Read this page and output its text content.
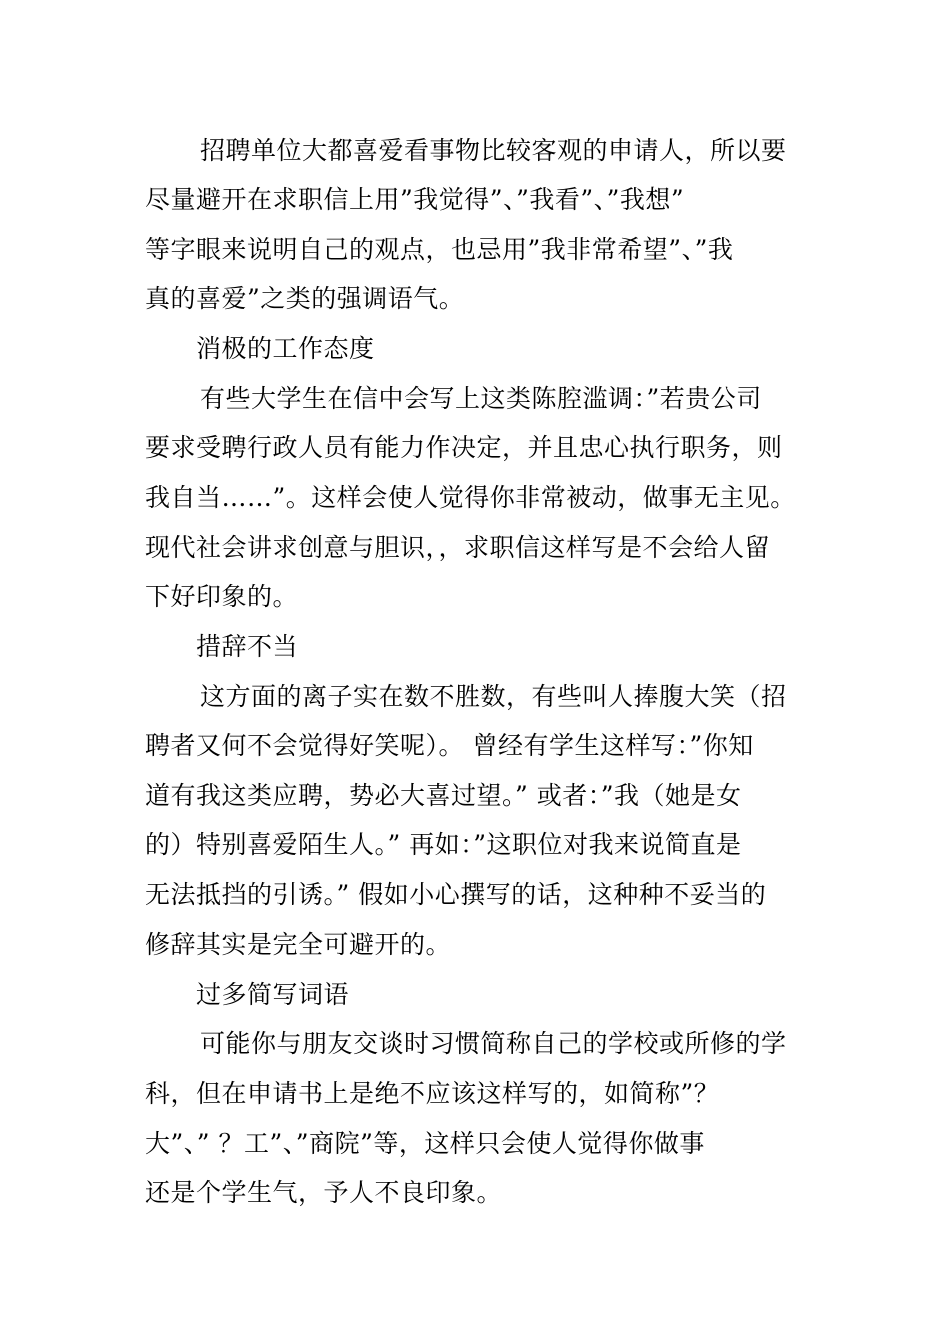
招聘单位大都喜爱看事物比较客观的申请人，所以要
尽量避开在求职信上用”我觉得”、”我看”、”我想”
等字眼来说明自己的观点，也忌用”我非常希望”、”我
真的喜爱”之类的强调语气。
消极的工作态度
有些大学生在信中会写上这类陈腔滥调：”若贵公司
要求受聘行政人员有能力作决定，并且忠心执行职务，则
我自当……”。这样会使人觉得你非常被动，做事无主见。
现代社会讲求创意与胆识，，求职信这样写是不会给人留
下好印象的。
措辞不当
这方面的离子实在数不胜数，有些叫人捧腹大笑（招
聘者又何不会觉得好笑呢）。 曾经有学生这样写：”你知
道有我这类应聘，势必大喜过望。” 或者：”我（她是女
的）特别喜爱陌生人。” 再如：”这职位对我来说简直是
无法抵挡的引诱。” 假如小心撰写的话，这种种不妥当的
修辞其实是完全可避开的。
过多简写词语
可能你与朋友交谈时习惯简称自己的学校或所修的学
科，但在申请书上是绝不应该这样写的，如简称”？
大”、” ？工”、”商院”等，这样只会使人觉得你做事
还是个学生气，予人不良印象。
